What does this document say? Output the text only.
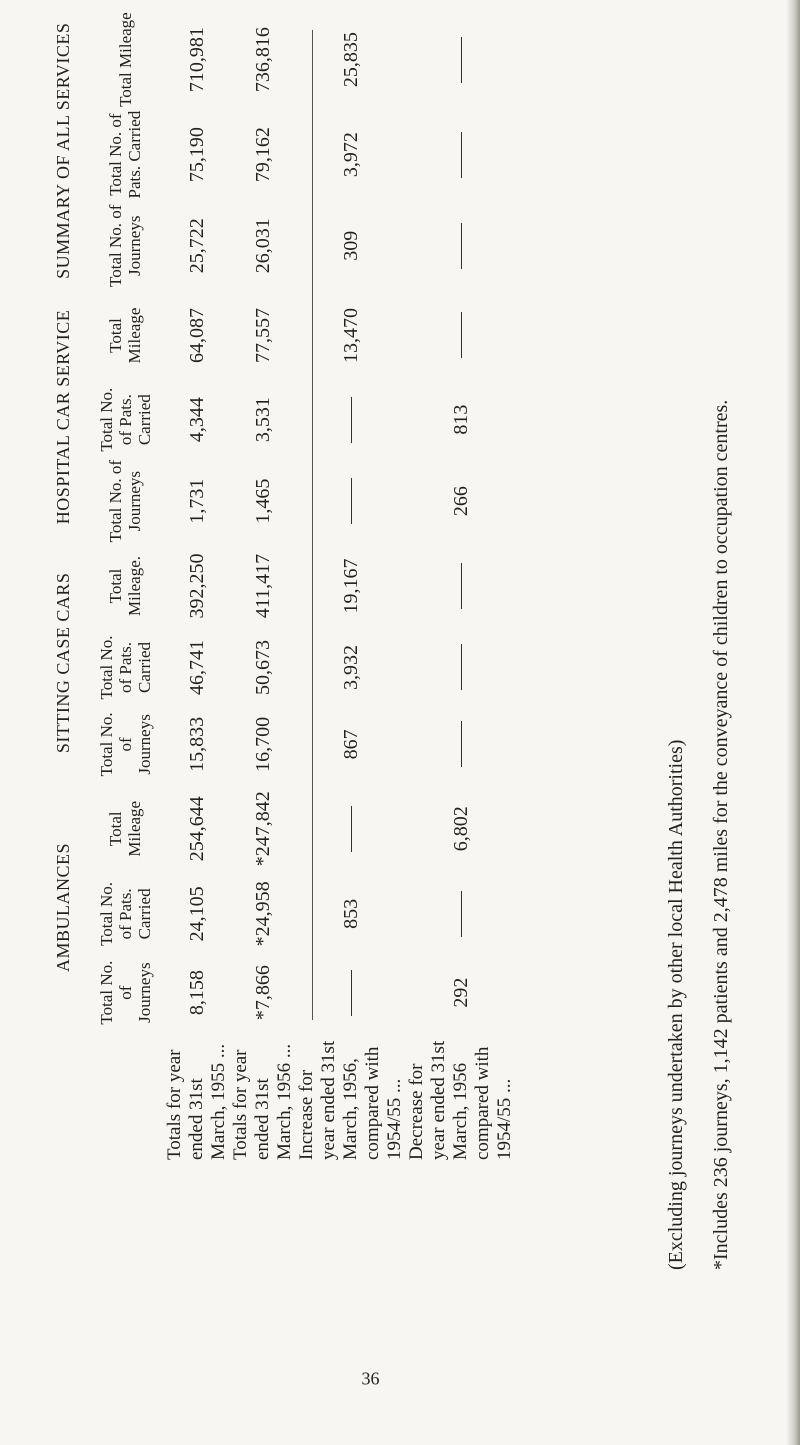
	AMBULANCES			SITTING CASE CARS			HOSPITAL CAR SERVICE			SUMMARY OF ALL SERVICES		
	Total No. of Journeys	Total No. of Pats. Carried	Total Mileage	Total No. of Journeys	Total No. of Pats. Carried	Total Mileage.	Total No. of Journeys	Total No. of Pats. Carried	Total Mileage	Total No. of Journeys	Total No. of Pats. Carried	Total Mileage
Totals for year ended 31st March, 1955 ...	8,158	24,105	254,644	15,833	46,741	392,250	1,731	4,344	64,087	25,722	75,190	710,981
Totals for year ended 31st March, 1956 ...	*7,866	*24,958	*247,842	16,700	50,673	411,417	1,465	3,531	77,557	26,031	79,162	736,816
Increase for year ended 31st March, 1956, compared with 1954/55 ...		853		867	3,932	19,167			13,470	309	3,972	25,835
Decrease for year ended 31st March, 1956 compared with 1954/55 ...	292		6,802				266	813				
(Excluding journeys undertaken by other local Health Authorities) *Includes 236 journeys, 1,142 patients and 2,478 miles for the conveyance of children to occupation centres.
36
